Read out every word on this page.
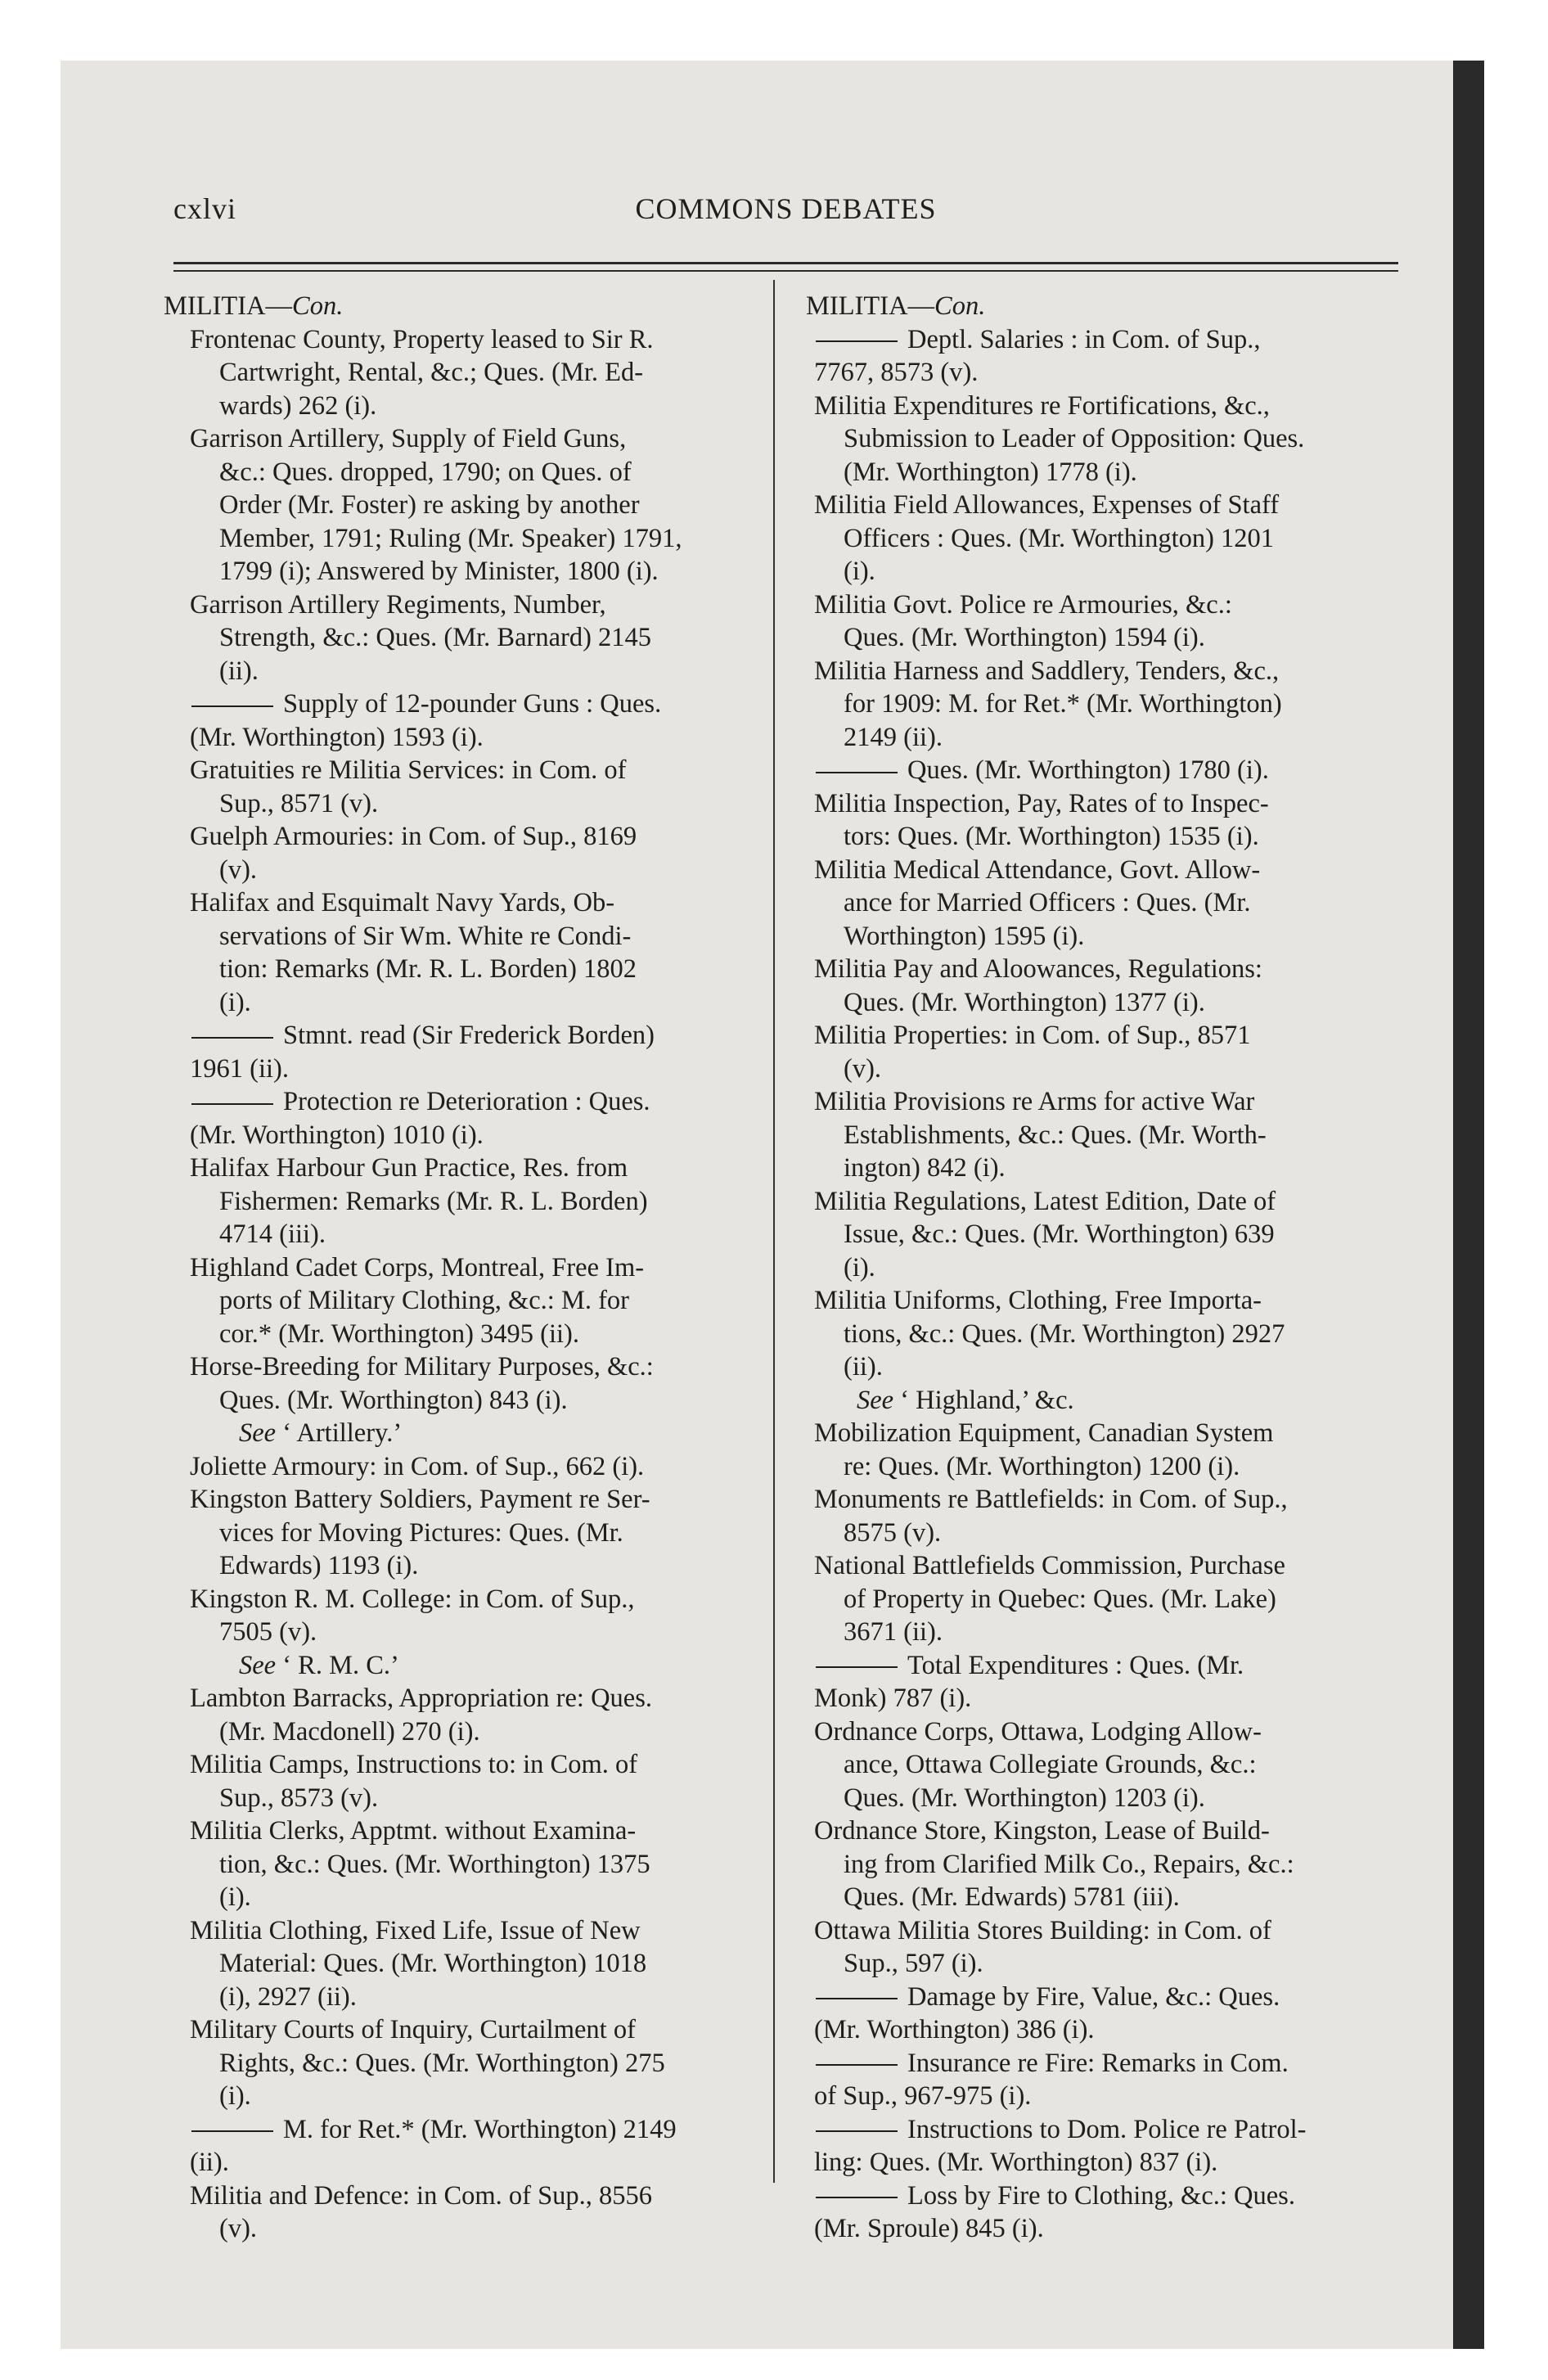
cxlvi	COMMONS DEBATES
MILITIA—Con.
Frontenac County, Property leased to Sir R.
Cartwright, Rental, &c.; Ques. (Mr. Ed-
wards) 262 (i).
Garrison Artillery, Supply of Field Guns,
&c.: Ques. dropped, 1790; on Ques. of
Order (Mr. Foster) re asking by another
Member, 1791; Ruling (Mr. Speaker) 1791,
1799 (i); Answered by Minister, 1800 (i).
Garrison Artillery Regiments, Number,
Strength, &c.: Ques. (Mr. Barnard) 2145
(ii).
Supply of 12-pounder Guns : Ques.
(Mr. Worthington) 1593 (i).
Gratuities re Militia Services: in Com. of
Sup., 8571 (v).
Guelph Armouries: in Com. of Sup., 8169
(v).
Halifax and Esquimalt Navy Yards, Ob-
servations of Sir Wm. White re Condi-
tion: Remarks (Mr. R. L. Borden) 1802
(i).
Stmnt. read (Sir Frederick Borden)
1961 (ii).
Protection re Deterioration : Ques.
(Mr. Worthington) 1010 (i).
Halifax Harbour Gun Practice, Res. from
Fishermen: Remarks (Mr. R. L. Borden)
4714 (iii).
Highland Cadet Corps, Montreal, Free Im-
ports of Military Clothing, &c.: M. for
cor.* (Mr. Worthington) 3495 (ii).
Horse-Breeding for Military Purposes, &c.:
Ques. (Mr. Worthington) 843 (i).
See ‘ Artillery.’
Joliette Armoury: in Com. of Sup., 662 (i).
Kingston Battery Soldiers, Payment re Ser-
vices for Moving Pictures: Ques. (Mr.
Edwards) 1193 (i).
Kingston R. M. College: in Com. of Sup.,
7505 (v).
See ‘ R. M. C.’
Lambton Barracks, Appropriation re: Ques.
(Mr. Macdonell) 270 (i).
Militia Camps, Instructions to: in Com. of
Sup., 8573 (v).
Militia Clerks, Apptmt. without Examina-
tion, &c.: Ques. (Mr. Worthington) 1375
(i).
Militia Clothing, Fixed Life, Issue of New
Material: Ques. (Mr. Worthington) 1018
(i), 2927 (ii).
Military Courts of Inquiry, Curtailment of
Rights, &c.: Ques. (Mr. Worthington) 275
(i).
M. for Ret.* (Mr. Worthington) 2149
(ii).
Militia and Defence: in Com. of Sup., 8556
(v).
MILITIA—Con.
Deptl. Salaries : in Com. of Sup.,
7767, 8573 (v).
Militia Expenditures re Fortifications, &c.,
Submission to Leader of Opposition: Ques.
(Mr. Worthington) 1778 (i).
Militia Field Allowances, Expenses of Staff
Officers : Ques. (Mr. Worthington) 1201
(i).
Militia Govt. Police re Armouries, &c.:
Ques. (Mr. Worthington) 1594 (i).
Militia Harness and Saddlery, Tenders, &c.,
for 1909: M. for Ret.* (Mr. Worthington)
2149 (ii).
Ques. (Mr. Worthington) 1780 (i).
Militia Inspection, Pay, Rates of to Inspec-
tors: Ques. (Mr. Worthington) 1535 (i).
Militia Medical Attendance, Govt. Allow-
ance for Married Officers : Ques. (Mr.
Worthington) 1595 (i).
Militia Pay and Aloowances, Regulations:
Ques. (Mr. Worthington) 1377 (i).
Militia Properties: in Com. of Sup., 8571
(v).
Militia Provisions re Arms for active War
Establishments, &c.: Ques. (Mr. Worth-
ington) 842 (i).
Militia Regulations, Latest Edition, Date of
Issue, &c.: Ques. (Mr. Worthington) 639
(i).
Militia Uniforms, Clothing, Free Importa-
tions, &c.: Ques. (Mr. Worthington) 2927
(ii).
See ‘ Highland,’ &c.
Mobilization Equipment, Canadian System
re: Ques. (Mr. Worthington) 1200 (i).
Monuments re Battlefields: in Com. of Sup.,
8575 (v).
National Battlefields Commission, Purchase
of Property in Quebec: Ques. (Mr. Lake)
3671 (ii).
Total Expenditures : Ques. (Mr.
Monk) 787 (i).
Ordnance Corps, Ottawa, Lodging Allow-
ance, Ottawa Collegiate Grounds, &c.:
Ques. (Mr. Worthington) 1203 (i).
Ordnance Store, Kingston, Lease of Build-
ing from Clarified Milk Co., Repairs, &c.:
Ques. (Mr. Edwards) 5781 (iii).
Ottawa Militia Stores Building: in Com. of
Sup., 597 (i).
Damage by Fire, Value, &c.: Ques.
(Mr. Worthington) 386 (i).
Insurance re Fire: Remarks in Com.
of Sup., 967-975 (i).
Instructions to Dom. Police re Patrol-
ling: Ques. (Mr. Worthington) 837 (i).
Loss by Fire to Clothing, &c.: Ques.
(Mr. Sproule) 845 (i).
